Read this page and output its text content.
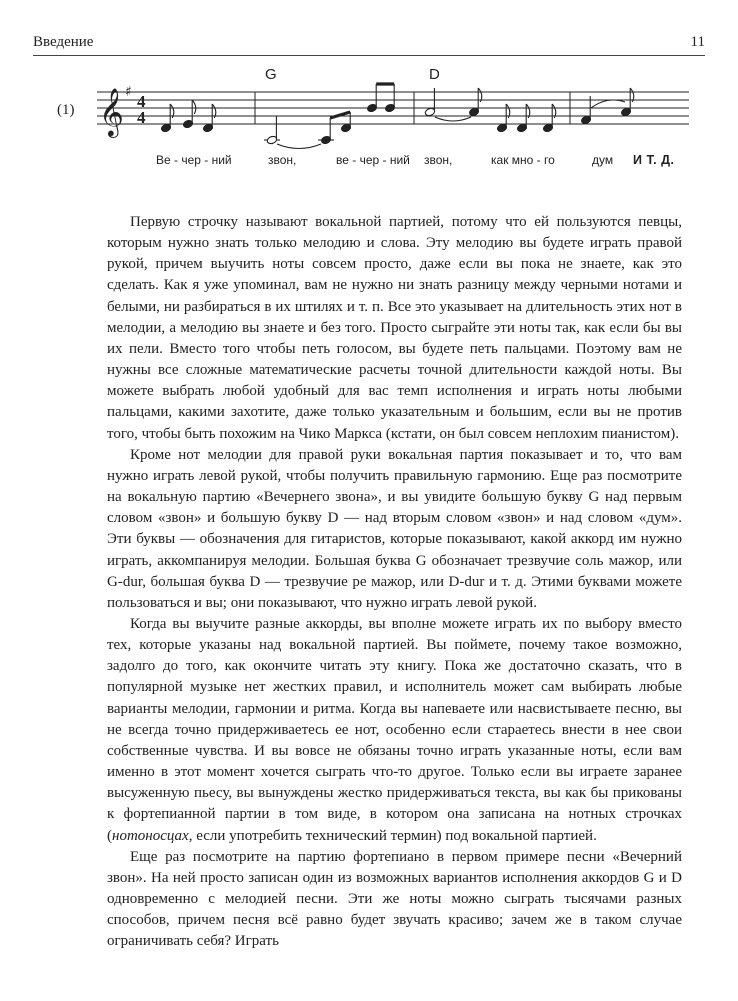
Введение	11
(1) 𝄞 ♯ 4
4
G	D
Ве - чер - ний	звон,	ве - чер - ний звон,	как мно - го	дум И Т. Д.

Первую строчку называют вокальной партией, потому что ей пользуются певцы, которым нужно знать только мелодию и слова. Эту мелодию вы будете играть правой рукой, причем выучить ноты совсем просто, даже если вы пока не знаете, как это сделать. Как я уже упоминал, вам не нужно ни знать разницу между черными нотами и белыми, ни разбираться в их штилях и т. п. Все это указывает на длительность этих нот в мелодии, а мелодию вы знаете и без того. Просто сыграйте эти ноты так, как если бы вы их пели. Вместо того чтобы петь голосом, вы будете петь пальцами. Поэтому вам не нужны все сложные математические расчеты точной длительности каждой ноты. Вы можете выбрать любой удобный для вас темп исполнения и играть ноты любыми пальцами, какими захотите, даже только указательным и большим, если вы не против того, чтобы быть похожим на Чико Маркса (кстати, он был совсем неплохим пианистом).

Кроме нот мелодии для правой руки вокальная партия показывает и то, что вам нужно играть левой рукой, чтобы получить правильную гармонию. Еще раз посмотрите на вокальную партию «Вечернего звона», и вы увидите большую букву G над первым словом «звон» и большую букву D — над вторым словом «звон» и над словом «дум». Эти буквы — обозначения для гитаристов, которые показывают, какой аккорд им нужно играть, аккомпанируя мелодии. Большая буква G обозначает трезвучие соль мажор, или G-dur, большая буква D — трезвучие ре мажор, или D-dur и т. д. Этими буквами можете пользоваться и вы; они показывают, что нужно играть левой рукой.

Когда вы выучите разные аккорды, вы вполне можете играть их по выбору вместо тех, которые указаны над вокальной партией. Вы поймете, почему такое возможно, задолго до того, как окончите читать эту книгу. Пока же достаточно сказать, что в популярной музыке нет жестких правил, и исполнитель может сам выбирать любые варианты мелодии, гармонии и ритма. Когда вы напеваете или насвистываете песню, вы не всегда точно придерживаетесь ее нот, особенно если стараетесь внести в нее свои собственные чувства. И вы вовсе не обязаны точно играть указанные ноты, если вам именно в этот момент хочется сыграть что-то другое. Только если вы играете заранее высуженную пьесу, вы вынуждены жестко придерживаться текста, вы как бы прикованы к фортепианной партии в том виде, в котором она записана на нотных строчках (нотоносцах, если употребить технический термин) под вокальной партией.

Еще раз посмотрите на партию фортепиано в первом примере песни «Вечерний звон». На ней просто записан один из возможных вариантов исполнения аккордов G и D одновременно с мелодией песни. Эти же ноты можно сыграть тысячами разных способов, причем песня всё равно будет звучать красиво; зачем же в таком случае ограничивать себя? Играть
